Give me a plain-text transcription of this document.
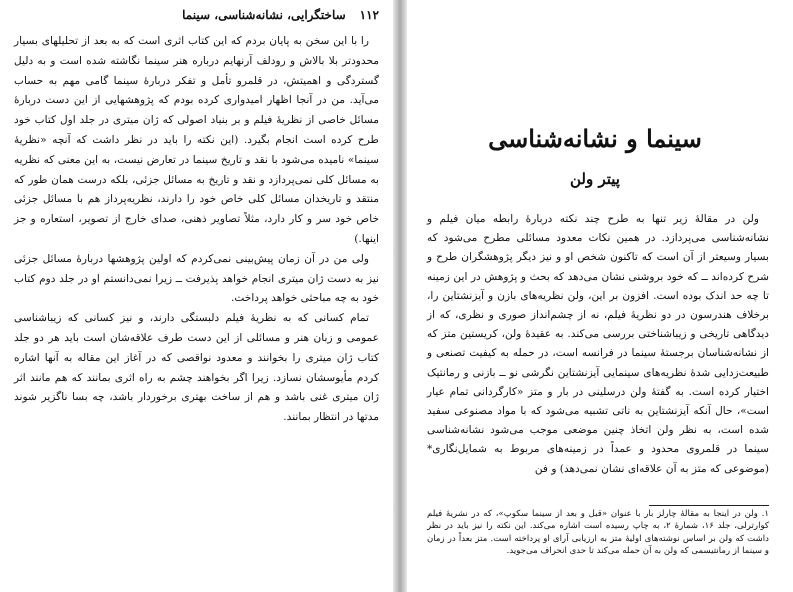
۱۱۲
ساختگرایی، نشانه‌شناسی، سینما

را با این سخن به پایان بردم که این کتاب اثری است که به بعد از تحلیلهای بسیار محدودتر بلا بالاش و رودلف آرنهایم درباره هنر سینما نگاشته شده است و به دلیل گستردگی و اهمیتش، در قلمرو تأمل و تفکر دربارهٔ سینما گامی مهم به حساب می‌آید. من در آنجا اظهار امیدواری کرده بودم که پژوهشهایی از این دست دربارهٔ مسائل خاصی از نظریهٔ فیلم و بر بنیاد اصولی که ژان میتری در جلد اول کتاب خود طرح کرده است انجام بگیرد. (این نکته را باید در نظر داشت که آنچه «نظریهٔ سینما» نامیده می‌شود با نقد و تاریخ سینما در تعارض نیست، به این معنی که نظریه به مسائل کلی نمی‌پردازد و نقد و تاریخ به مسائل جزئی، بلکه درست همان طور که منتقد و تاریخدان مسائل کلی خاص خود را دارند، نظریه‌پرداز هم با مسائل جزئی خاص خود سر و کار دارد، مثلاً تصاویر ذهنی، صدای خارج از تصویر، استعاره و جز اینها.)

ولی من در آن زمان پیش‌بینی نمی‌کردم که اولین پژوهشها دربارهٔ مسائل جزئی نیز به دست ژان میتری انجام خواهد پذیرفت ــ زیرا نمی‌دانستم او در جلد دوم کتاب خود به چه مباحثی خواهد پرداخت.

تمام کسانی که به نظریهٔ فیلم دلبستگی دارند، و نیز کسانی که زیباشناسی عمومی و زبان هنر و مسائلی از این دست طرف علاقه‌شان است باید هر دو جلد کتاب ژان میتری را بخوانند و معدود نواقصی که در آغاز این مقاله به آنها اشاره کردم مأیوسشان نسازد. زیرا اگر بخواهند چشم به راه اثری بمانند که هم مانند اثر ژان میتری غنی باشد و هم از ساخت بهتری برخوردار باشد، چه بسا ناگزیر شوند مدتها در انتظار بمانند.

سینما و نشانه‌شناسی
پیتر ولن

ولن در مقالهٔ زیر تنها به طرح چند نکته دربارهٔ رابطه میان فیلم و نشانه‌شناسی می‌پردازد. در همین نکات معدود مسائلی مطرح می‌شود که بسیار وسیعتر از آن است که تاکنون شخص او و نیز دیگر پژوهشگران طرح و شرح کرده‌اند ــ که خود بروشنی نشان می‌دهد که بحث و پژوهش در این زمینه تا چه حد اندک بوده است. افزون بر این، ولن نظریه‌های بازن و آیزنشتاین را، برخلاف هندرسون در دو نظریهٔ فیلم، نه از چشم‌انداز صوری و نظری، که از دیدگاهی تاریخی و زیباشناختی بررسی می‌کند. به عقیدهٔ ولن، کریستین متز که از نشانه‌شناسان برجستهٔ سینما در فرانسه است، در حمله به کیفیت تصنعی و طبیعت‌زدایی شدهٔ نظریه‌های سینمایی آیزنشتاین نگرشی نو ــ بازنی و رمانتیک اختیار کرده است. به گفتهٔ ولن درسلینی در بار و متز «کارگردانی تمام عیار است»، حال آنکه آیزنشتاین به ناتی تشبیه می‌شود که با مواد مصنوعی سفید شده است، به نظر ولن اتخاذ چنین موضعی موجب می‌شود نشانه‌شناسی سینما در قلمروی محدود و عمداً در زمینه‌های مربوط به شمایل‌نگاری* (موضوعی که متز به آن علاقه‌ای نشان نمی‌دهد) و فن

۱. ولن در اینجا به مقالهٔ چارلز بار با عنوان «قبل و بعد از سینما سکوپ»، که در نشریهٔ فیلم کوارترلی، جلد ۱۶، شمارهٔ ۲، به چاپ رسیده است اشاره می‌کند. این نکته را نیز باید در نظر داشت که ولن بر اساس نوشته‌های اولیهٔ متز به ارزیابی آرای او پرداخته است. متز بعداً در زمان و سینما از رمانتیسمی که ولن به آن حمله می‌کند تا حدی انحراف می‌جوید.
